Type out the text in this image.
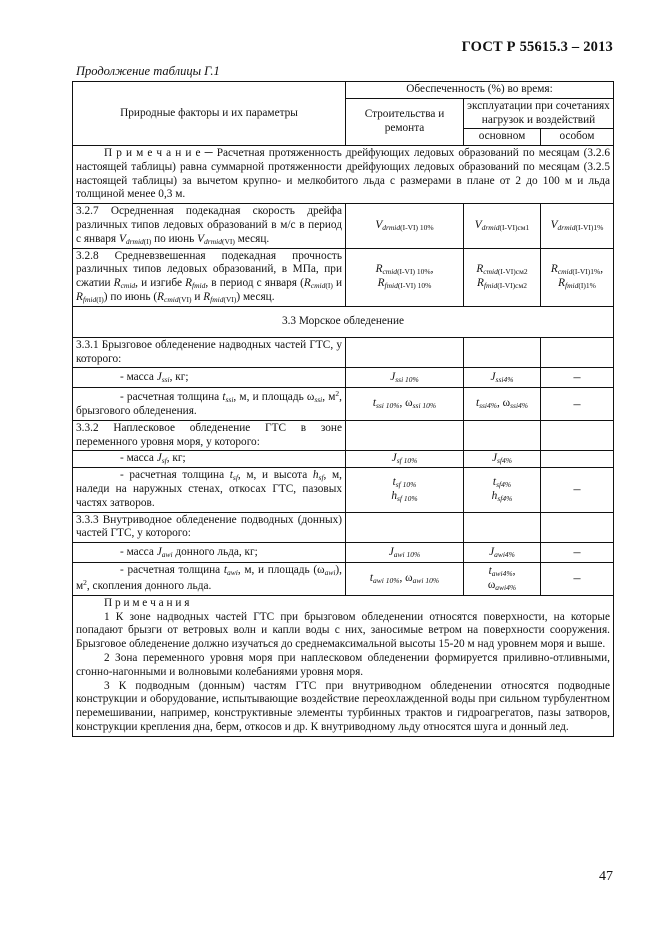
ГОСТ Р 55615.3 – 2013
Продолжение таблицы Г.1
Природные факторы и их параметры	Обеспеченность (%) во время:		
	Строительства и ремонта	эксплуатации при сочетаниях нагрузок и воздействий	
		основном	особом

П р и м е ч а н и е ─ Расчетная протяженность дрейфующих ледовых образований по месяцам (3.2.6 настоящей таблицы) равна суммарной протяженности дрейфующих ледовых образований по месяцам (3.2.5 настоящей таблицы) за вычетом крупно- и мелкобитого льда с размерами в плане от 2 до 100 м и льда толщиной менее 0,3 м.			

3.2.7 Осредненная подекадная скорость дрейфа различных типов ледовых образований в м/с в период с января Vdrmid(I) по июнь Vdrmid(VI) месяц.	Vdrmid(I-VI) 10%	Vdrmid(I-VI)см1	Vdrmid(I-VI)1%
3.2.8 Средневзвешенная подекадная прочность различных типов ледовых образований, в МПа, при сжатии Rcmid, и изгибе Rfmid, в период с января (Rcmid(I) и Rfmid(I)) по июнь (Rcmid(VI) и Rfmid(VI)) месяц.	Rcmid(I-VI) 10%,
Rfmid(I-VI) 10%	Rcmid(I-VI)см2
Rfmid(I-VI)см2	Rcmid(I-VI)1%,
Rfmid(I)1%
3.3 Морское обледенение			
3.3.1 Брызговое обледенение надводных частей ГТС, у которого:			

- масса Jssi, кг;	Jssi 10%	Jssi4%	–

- расчетная толщина tssi, м, и площадь ωssi, $м^2$, брызгового обледенения.	tssi 10%, ωssi 10%	tssi4%, ωssi4%	–
3.3.2 Наплесковое обледенение ГТС в зоне переменного уровня моря, у которого:			

- масса Jsf, кг;	Jsf 10%	Jsf4%	

- расчетная толщина tsf, м, и высота hsf, м, наледи на наружных стенах, откосах ГТС, пазовых частях затворов.	tsf 10%
hsf 10%	tsf4%
hsf4%	–
3.3.3 Внутриводное обледенение подводных (донных) частей ГТС, у которого:			

- масса Jawi донного льда, кг;	Jawi 10%	Jawi4%	–

- расчетная толщина tawi, м, и площадь (ωawi), $м^2$, скопления донного льда.	tawi 10%, ωawi 10%	tawi4%,
ωawi4%	–

П р и м е ч а н и я
1 К зоне надводных частей ГТС при брызговом обледенении относятся поверхности, на которые попадают брызги от ветровых волн и капли воды с них, заносимые ветром на поверхности сооружения. Брызговое обледенение должно изучаться до среднемаксимальной высоты 15-20 м над уровнем моря и выше.
2 Зона переменного уровня моря при наплесковом обледенении формируется приливно-отливными, сгонно-нагонными и волновыми колебаниями уровня моря.
3 К подводным (донным) частям ГТС при внутриводном обледенении относятся подводные конструкции и оборудование, испытывающие воздействие переохлажденной воды при сильном турбулентном перемешивании, например, конструктивные элементы турбинных трактов и гидроагрегатов, пазы затворов, конструкции крепления дна, берм, откосов и др. К внутриводному льду относятся шуга и донный лед.			
47
